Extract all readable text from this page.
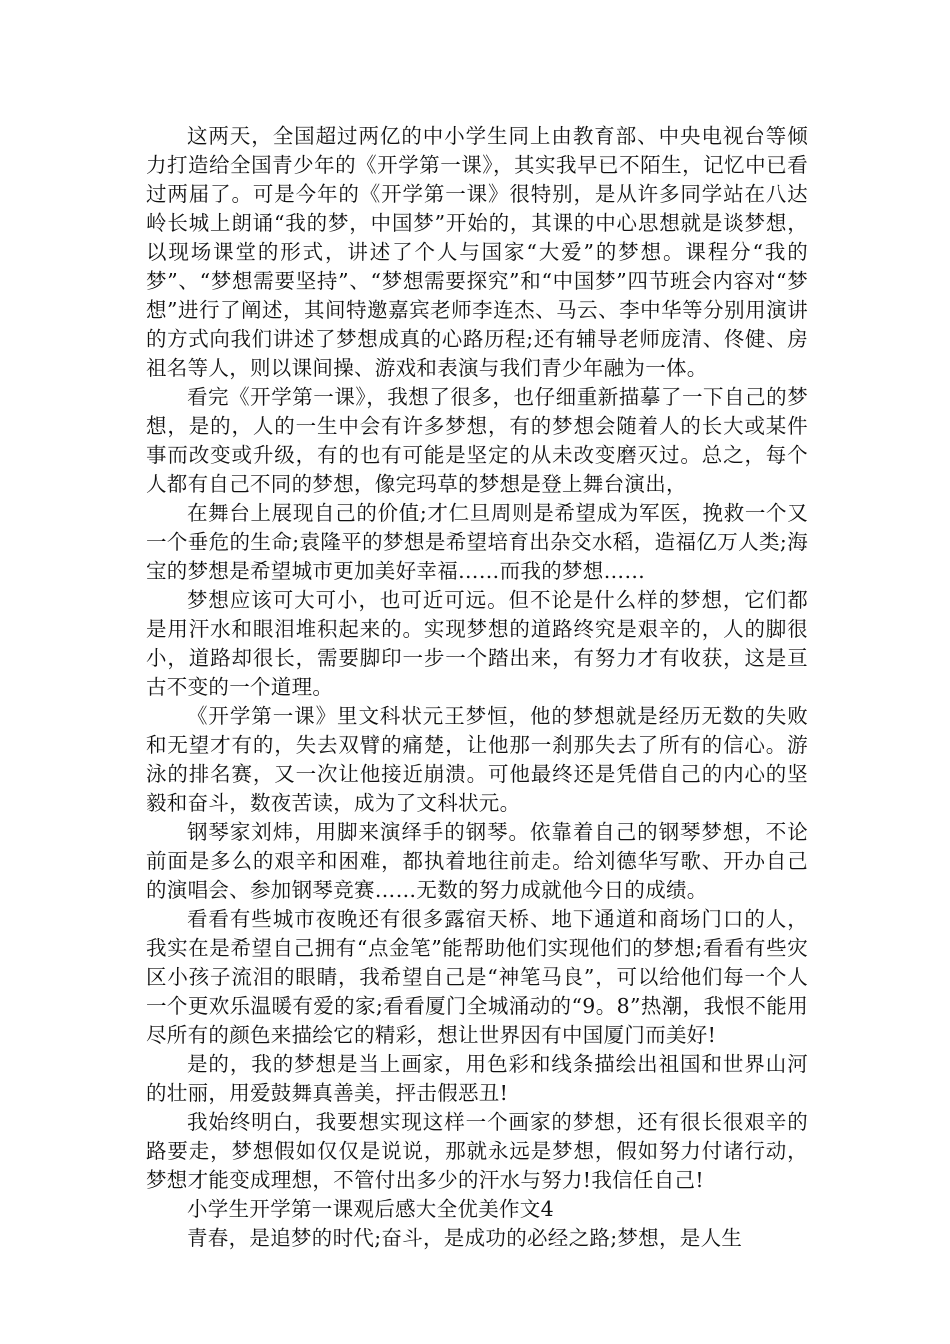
这两天，全国超过两亿的中小学生同上由教育部、中央电视台等倾力打造给全国青少年的《开学第一课》，其实我早已不陌生，记忆中已看过两届了。可是今年的《开学第一课》很特别，是从许多同学站在八达岭长城上朗诵“我的梦，中国梦”开始的，其课的中心思想就是谈梦想，以现场课堂的形式，讲述了个人与国家“大爱”的梦想。课程分“我的梦”、“梦想需要坚持”、“梦想需要探究”和“中国梦”四节班会内容对“梦想”进行了阐述，其间特邀嘉宾老师李连杰、马云、李中华等分别用演讲的方式向我们讲述了梦想成真的心路历程;还有辅导老师庞清、佟健、房祖名等人，则以课间操、游戏和表演与我们青少年融为一体。

看完《开学第一课》，我想了很多，也仔细重新描摹了一下自己的梦想，是的，人的一生中会有许多梦想，有的梦想会随着人的长大或某件事而改变或升级，有的也有可能是坚定的从未改变磨灭过。总之，每个人都有自己不同的梦想，像完玛草的梦想是登上舞台演出，

在舞台上展现自己的价值;才仁旦周则是希望成为军医，挽救一个又一个垂危的生命;袁隆平的梦想是希望培育出杂交水稻，造福亿万人类;海宝的梦想是希望城市更加美好幸福……而我的梦想……

梦想应该可大可小，也可近可远。但不论是什么样的梦想，它们都是用汗水和眼泪堆积起来的。实现梦想的道路终究是艰辛的，人的脚很小，道路却很长，需要脚印一步一个踏出来，有努力才有收获，这是亘古不变的一个道理。

《开学第一课》里文科状元王梦恒，他的梦想就是经历无数的失败和无望才有的，失去双臂的痛楚，让他那一刹那失去了所有的信心。游泳的排名赛，又一次让他接近崩溃。可他最终还是凭借自己的内心的坚毅和奋斗，数夜苦读，成为了文科状元。

钢琴家刘炜，用脚来演绎手的钢琴。依靠着自己的钢琴梦想，不论前面是多么的艰辛和困难，都执着地往前走。给刘德华写歌、开办自己的演唱会、参加钢琴竞赛……无数的努力成就他今日的成绩。

看看有些城市夜晚还有很多露宿天桥、地下通道和商场门口的人，我实在是希望自己拥有“点金笔”能帮助他们实现他们的梦想;看看有些灾区小孩子流泪的眼睛，我希望自己是“神笔马良”，可以给他们每一个人一个更欢乐温暖有爱的家;看看厦门全城涌动的“9。8”热潮，我恨不能用尽所有的颜色来描绘它的精彩，想让世界因有中国厦门而美好!

是的，我的梦想是当上画家，用色彩和线条描绘出祖国和世界山河的壮丽，用爱鼓舞真善美，抨击假恶丑!

我始终明白，我要想实现这样一个画家的梦想，还有很长很艰辛的路要走，梦想假如仅仅是说说，那就永远是梦想，假如努力付诸行动，梦想才能变成理想，不管付出多少的汗水与努力!我信任自己!

小学生开学第一课观后感大全优美作文4

青春，是追梦的时代;奋斗，是成功的必经之路;梦想，是人生
